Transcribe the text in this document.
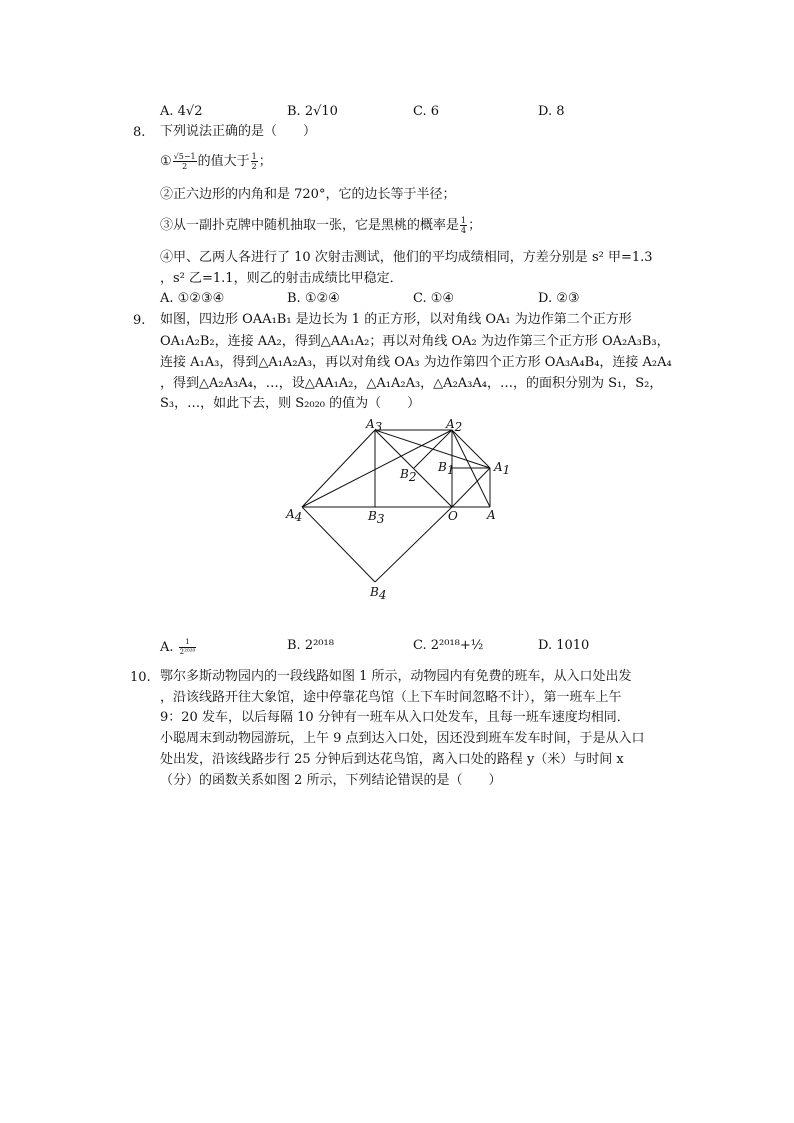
A. 4√2	B. 2√10	C. 6	D. 8
8. 下列说法正确的是（　　）
① $\frac{√5-1}{2}$ 的值大于 $\frac{1}{2}$ ；
②正六边形的内角和是 720°，它的边长等于半径；
③从一副扑克牌中随机抽取一张，它是黑桃的概率是 $\frac{1}{4}$ ；
④甲、乙两人各进行了 10 次射击测试，他们的平均成绩相同，方差分别是 s² 甲=1.3
，s² 乙=1.1，则乙的射击成绩比甲稳定．
A. ①②③④	B. ①②④	C. ①④	D. ②③
9. 如图，四边形 OAA₁B₁ 是边长为 1 的正方形，以对角线 OA₁ 为边作第二个正方形
OA₁A₂B₂，连接 AA₂，得到△AA₁A₂；再以对角线 OA₂ 为边作第三个正方形 OA₂A₃B₃，
连接 A₁A₃，得到△A₁A₂A₃，再以对角线 OA₃ 为边作第四个正方形 OA₃A₄B₄，连接 A₂A₄
，得到△A₂A₃A₄，…，设△AA₁A₂，△A₁A₂A₃，△A₂A₃A₄，…，的面积分别为 S₁，S₂，
S₃，…，如此下去，则 S₂₀₂₀ 的值为（　　）
A3	A2
B1	A1
B2
A4	B3	O A
B4
A. $\frac{1}{\text{2²⁰²⁰}}$	B. 2²⁰¹⁸	C. 2²⁰¹⁸+½	D. 1010
10. 鄂尔多斯动物园内的一段线路如图 1 所示，动物园内有免费的班车，从入口处出发
，沿该线路开往大象馆，途中停靠花鸟馆（上下车时间忽略不计），第一班车上午
9：20 发车，以后每隔 10 分钟有一班车从入口处发车，且每一班车速度均相同．
小聪周末到动物园游玩，上午 9 点到达入口处，因还没到班车发车时间，于是从入口
处出发，沿该线路步行 25 分钟后到达花鸟馆，离入口处的路程 y（米）与时间 x
（分）的函数关系如图 2 所示，下列结论错误的是（　　）
